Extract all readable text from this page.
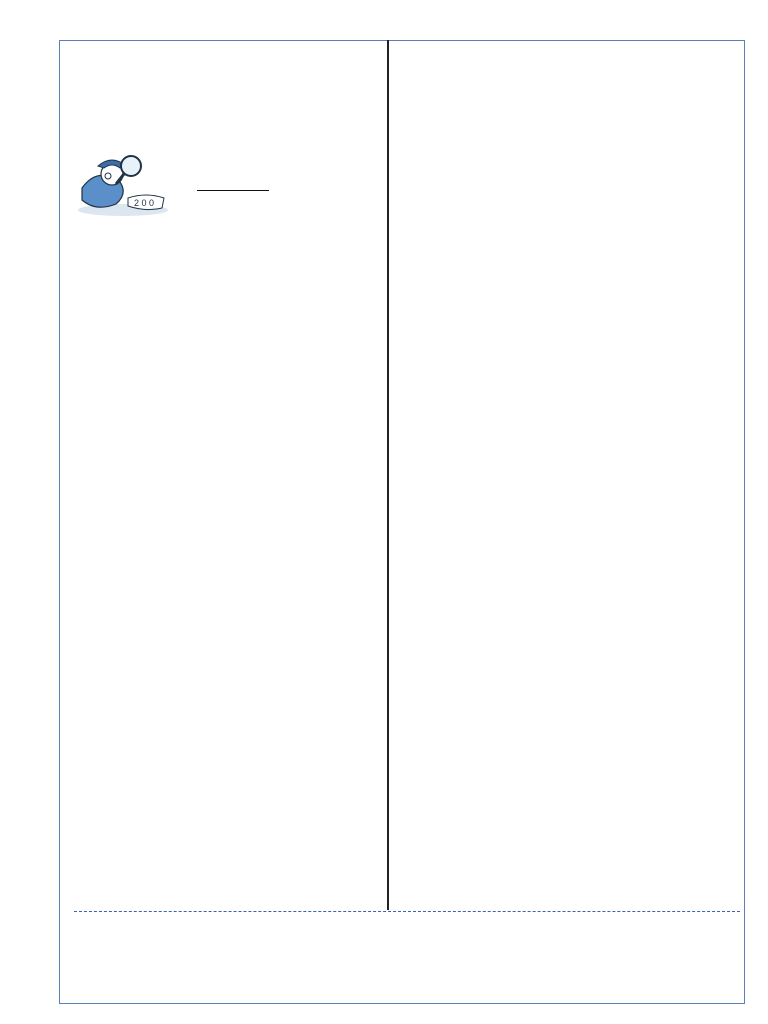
2 0 0
